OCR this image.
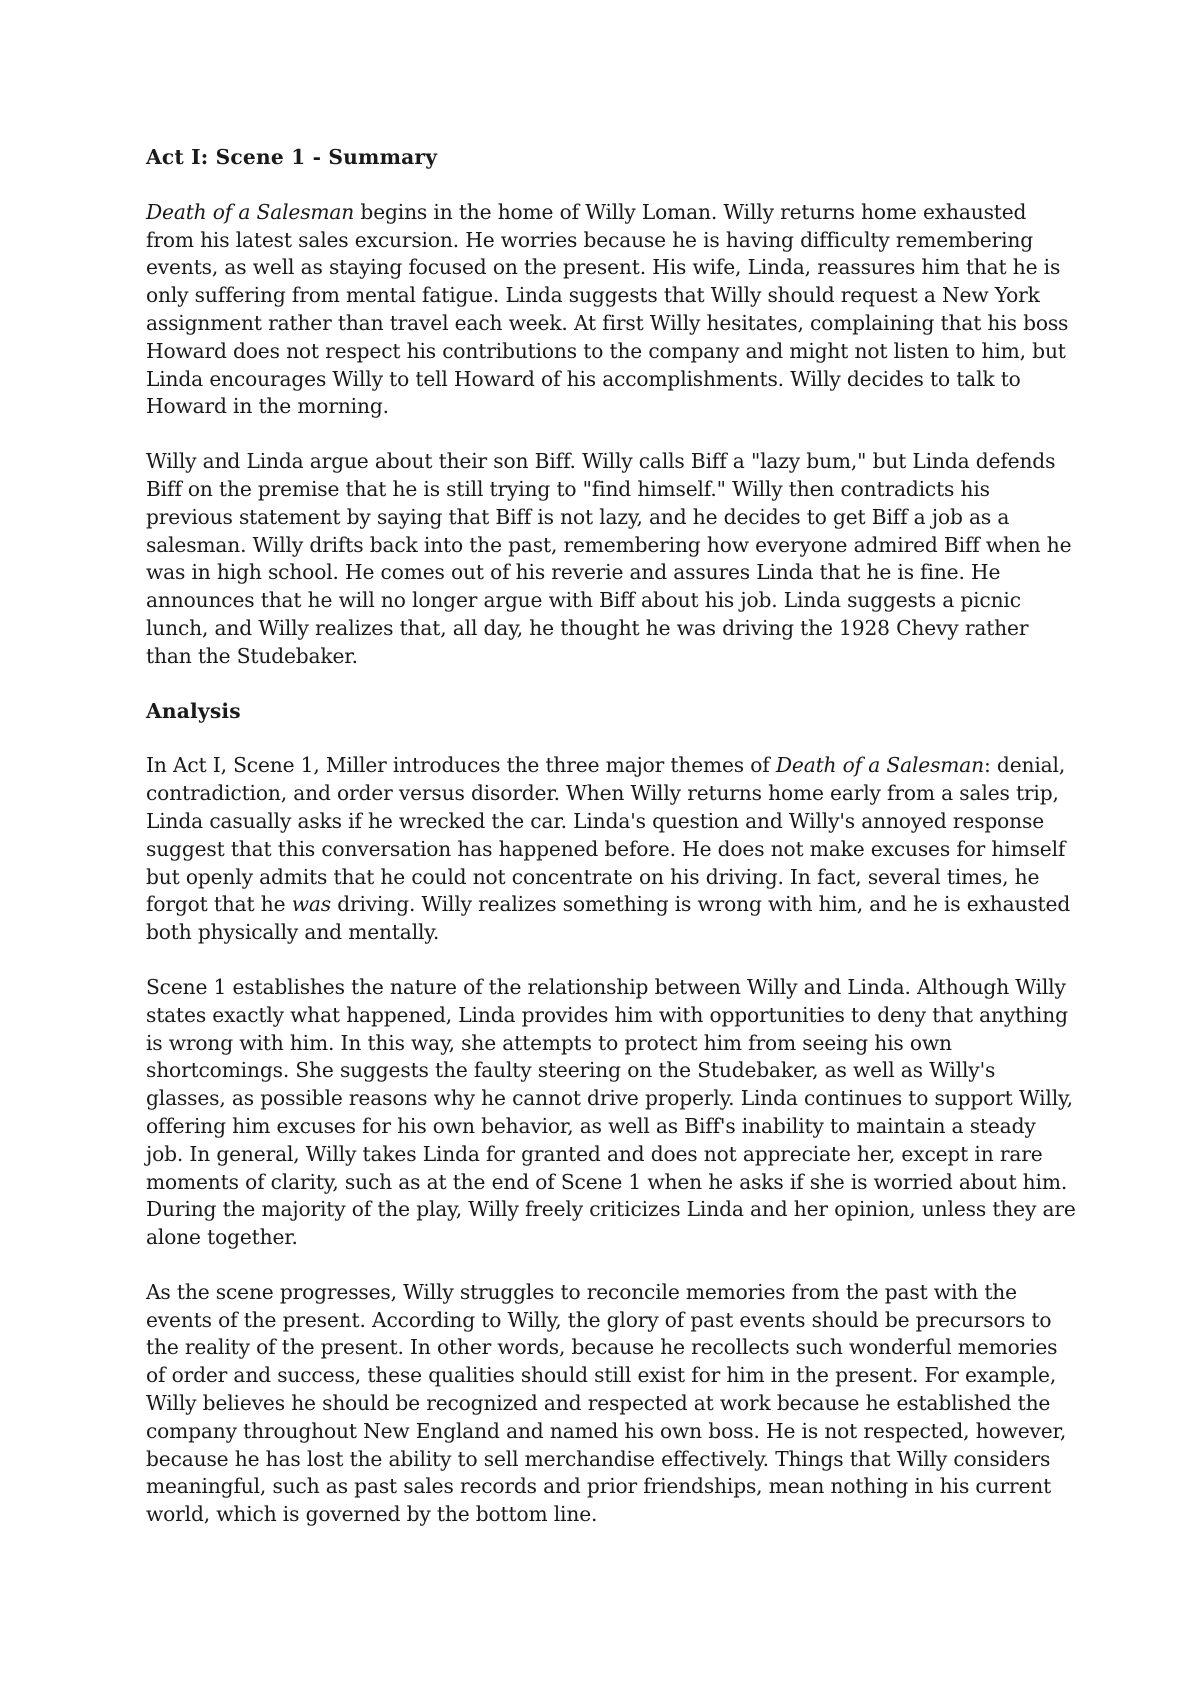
Act I: Scene 1 - Summary

Death of a Salesman begins in the home of Willy Loman. Willy returns home exhausted from his latest sales excursion. He worries because he is having difficulty remembering events, as well as staying focused on the present. His wife, Linda, reassures him that he is only suffering from mental fatigue. Linda suggests that Willy should request a New York assignment rather than travel each week. At first Willy hesitates, complaining that his boss Howard does not respect his contributions to the company and might not listen to him, but Linda encourages Willy to tell Howard of his accomplishments. Willy decides to talk to Howard in the morning.

Willy and Linda argue about their son Biff. Willy calls Biff a "lazy bum," but Linda defends Biff on the premise that he is still trying to "find himself." Willy then contradicts his previous statement by saying that Biff is not lazy, and he decides to get Biff a job as a salesman. Willy drifts back into the past, remembering how everyone admired Biff when he was in high school. He comes out of his reverie and assures Linda that he is fine. He announces that he will no longer argue with Biff about his job. Linda suggests a picnic lunch, and Willy realizes that, all day, he thought he was driving the 1928 Chevy rather than the Studebaker.

Analysis

In Act I, Scene 1, Miller introduces the three major themes of Death of a Salesman: denial, contradiction, and order versus disorder. When Willy returns home early from a sales trip, Linda casually asks if he wrecked the car. Linda's question and Willy's annoyed response suggest that this conversation has happened before. He does not make excuses for himself but openly admits that he could not concentrate on his driving. In fact, several times, he forgot that he was driving. Willy realizes something is wrong with him, and he is exhausted both physically and mentally.

Scene 1 establishes the nature of the relationship between Willy and Linda. Although Willy states exactly what happened, Linda provides him with opportunities to deny that anything is wrong with him. In this way, she attempts to protect him from seeing his own shortcomings. She suggests the faulty steering on the Studebaker, as well as Willy's glasses, as possible reasons why he cannot drive properly. Linda continues to support Willy, offering him excuses for his own behavior, as well as Biff's inability to maintain a steady job. In general, Willy takes Linda for granted and does not appreciate her, except in rare moments of clarity, such as at the end of Scene 1 when he asks if she is worried about him. During the majority of the play, Willy freely criticizes Linda and her opinion, unless they are alone together.

As the scene progresses, Willy struggles to reconcile memories from the past with the events of the present. According to Willy, the glory of past events should be precursors to the reality of the present. In other words, because he recollects such wonderful memories of order and success, these qualities should still exist for him in the present. For example, Willy believes he should be recognized and respected at work because he established the company throughout New England and named his own boss. He is not respected, however, because he has lost the ability to sell merchandise effectively. Things that Willy considers meaningful, such as past sales records and prior friendships, mean nothing in his current world, which is governed by the bottom line.
